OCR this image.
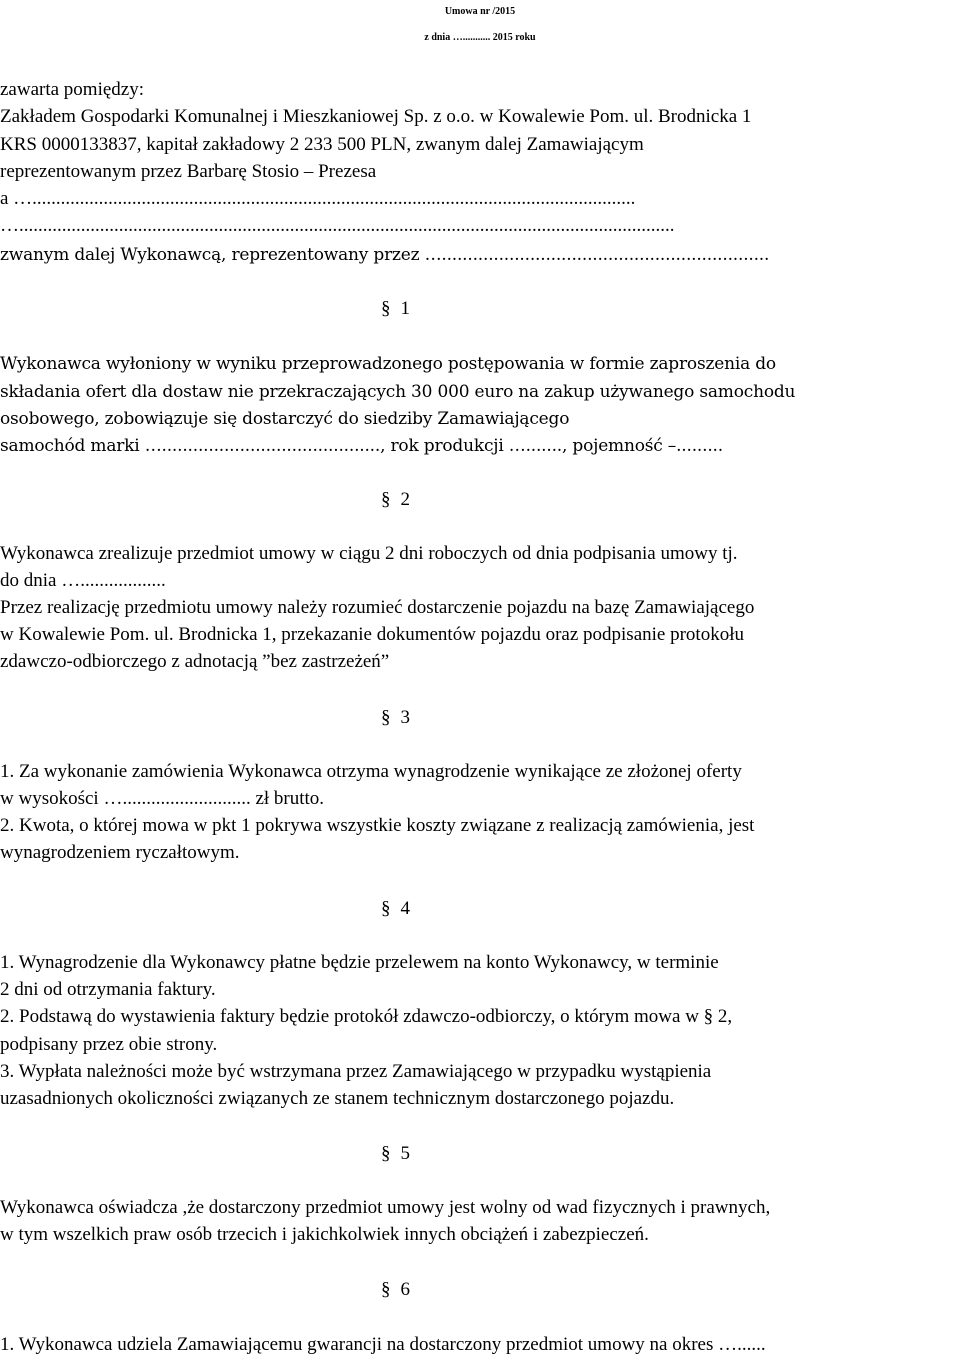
Umowa nr /2015
z dnia …........... 2015 roku
zawarta pomiędzy:
Zakładem Gospodarki Komunalnej i Mieszkaniowej Sp. z o.o. w Kowalewie Pom. ul. Brodnicka 1
KRS 0000133837, kapitał zakładowy 2 233 500 PLN, zwanym dalej Zamawiającym
reprezentowanym przez Barbarę Stosio – Prezesa
a …...............................................................................................................................
…..........................................................................................................................................
zwanym dalej Wykonawcą, reprezentowany przez …...............................................................
§ 1
Wykonawca wyłoniony w wyniku przeprowadzonego postępowania w formie zaproszenia do
składania ofert dla dostaw nie przekraczających 30 000 euro na zakup używanego samochodu
osobowego, zobowiązuje się dostarczyć do siedziby Zamawiającego
samochód marki ….........................................., rok produkcji …......., pojemność –.........
§ 2
Wykonawca zrealizuje przedmiot umowy w ciągu 2 dni roboczych od dnia podpisania umowy tj.
do dnia …..................
Przez realizację przedmiotu umowy należy rozumieć dostarczenie pojazdu na bazę Zamawiającego
w Kowalewie Pom. ul. Brodnicka 1, przekazanie dokumentów pojazdu oraz podpisanie protokołu
zdawczo-odbiorczego z adnotacją ”bez zastrzeżeń”
§ 3
1. Za wykonanie zamówienia Wykonawca otrzyma wynagrodzenie wynikające ze złożonej oferty
w wysokości …........................... zł brutto.
2. Kwota, o której mowa w pkt 1 pokrywa wszystkie koszty związane z realizacją zamówienia, jest
wynagrodzeniem ryczałtowym.
§ 4
1. Wynagrodzenie dla Wykonawcy płatne będzie przelewem na konto Wykonawcy, w terminie
2 dni od otrzymania faktury.
2. Podstawą do wystawienia faktury będzie protokół zdawczo-odbiorczy, o którym mowa w § 2,
podpisany przez obie strony.
3. Wypłata należności może być wstrzymana przez Zamawiającego w przypadku wystąpienia
uzasadnionych okoliczności związanych ze stanem technicznym dostarczonego pojazdu.
§ 5
Wykonawca oświadcza ,że dostarczony przedmiot umowy jest wolny od wad fizycznych i prawnych,
w tym wszelkich praw osób trzecich i jakichkolwiek innych obciążeń i zabezpieczeń.
§ 6
1. Wykonawca udziela Zamawiającemu gwarancji na dostarczony przedmiot umowy na okres …......
